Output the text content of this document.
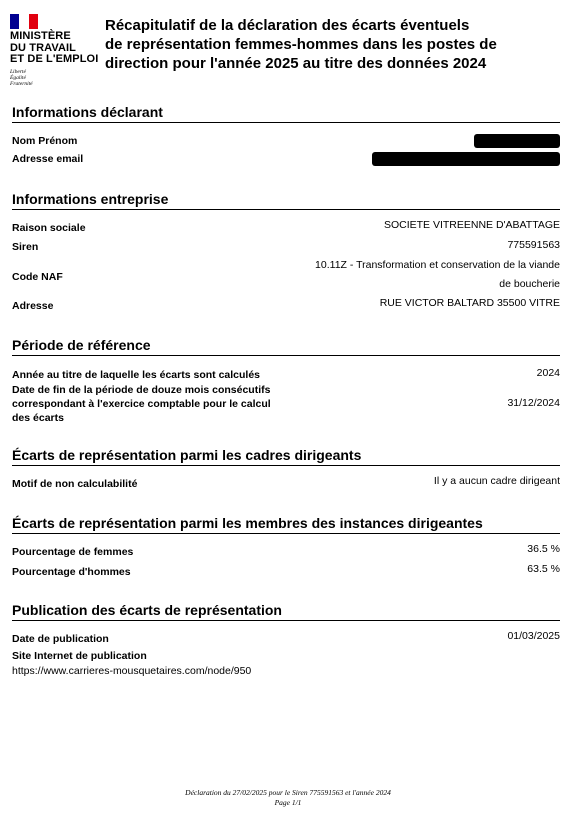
MINISTÈRE
DU TRAVAIL
ET DE L'EMPLOI
Liberté
Égalité
Fraternité
Récapitulatif de la déclaration des écarts éventuels
de représentation femmes-hommes dans les postes de
direction pour l'année 2025 au titre des données 2024
Informations déclarant
Nom Prénom
Adresse email
Informations entreprise
Raison sociale	SOCIETE VITREENNE D'ABATTAGE
Siren	775591563
Code NAF
10.11Z - Transformation et conservation de la viande
de boucherie
Adresse	RUE VICTOR BALTARD 35500 VITRE
Période de référence
Année au titre de laquelle les écarts sont calculés	2024
Date de fin de la période de douze mois consécutifs
correspondant à l'exercice comptable pour le calcul
des écarts
31/12/2024
Écarts de représentation parmi les cadres dirigeants
Motif de non calculabilité	Il y a aucun cadre dirigeant
Écarts de représentation parmi les membres des instances dirigeantes
Pourcentage de femmes	36.5 %
Pourcentage d'hommes	63.5 %
Publication des écarts de représentation
Date de publication	01/03/2025
Site Internet de publication
https://www.carrieres-mousquetaires.com/node/950
Déclaration du 27/02/2025 pour le Siren 775591563 et l'année 2024
Page 1/1
